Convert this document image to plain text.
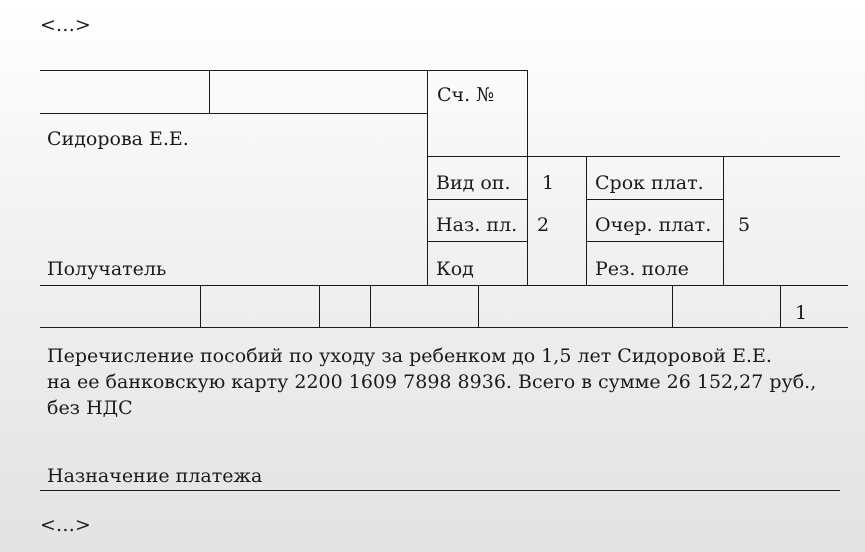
<…>
Сч. №
Сидорова Е.Е.
Вид оп. 1 Срок плат.
Наз. пл. 2 Очер. плат. 5
Получатель	Код	Рез. поле
1
Перечисление пособий по уходу за ребенком до 1,5 лет Сидоровой Е.Е.
на ее банковскую карту 2200 1609 7898 8936. Всего в сумме 26 152,27 руб.,
без НДС
Назначение платежа
<…>
